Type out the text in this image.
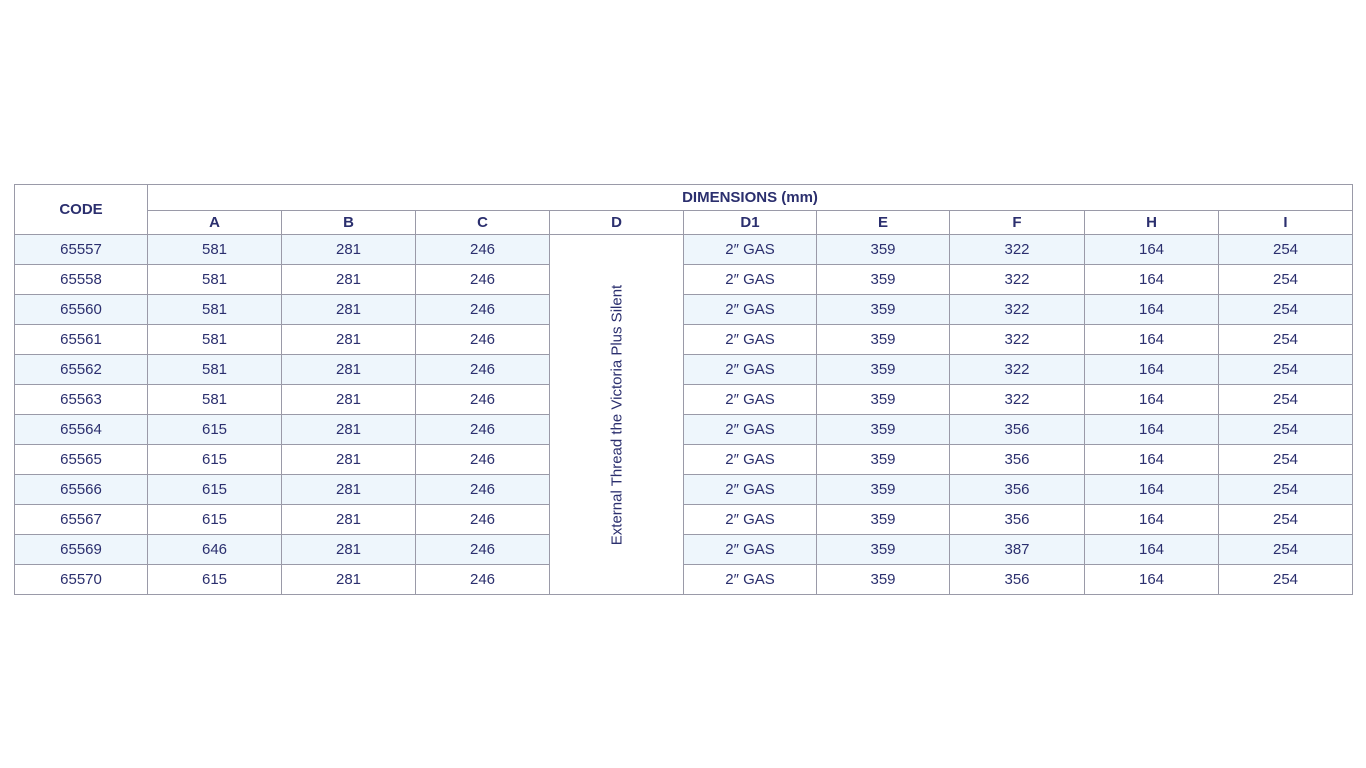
CODE	DIMENSIONS (mm)								
	A	B	C	D	D1	E	F	H	I
65557	581	281	246	External Thread the Victoria Plus Silent	2″ GAS	359	322	164	254
65558	581	281	246		2″ GAS	359	322	164	254
65560	581	281	246		2″ GAS	359	322	164	254
65561	581	281	246		2″ GAS	359	322	164	254
65562	581	281	246		2″ GAS	359	322	164	254
65563	581	281	246		2″ GAS	359	322	164	254
65564	615	281	246		2″ GAS	359	356	164	254
65565	615	281	246		2″ GAS	359	356	164	254
65566	615	281	246		2″ GAS	359	356	164	254
65567	615	281	246		2″ GAS	359	356	164	254
65569	646	281	246		2″ GAS	359	387	164	254
65570	615	281	246		2″ GAS	359	356	164	254
